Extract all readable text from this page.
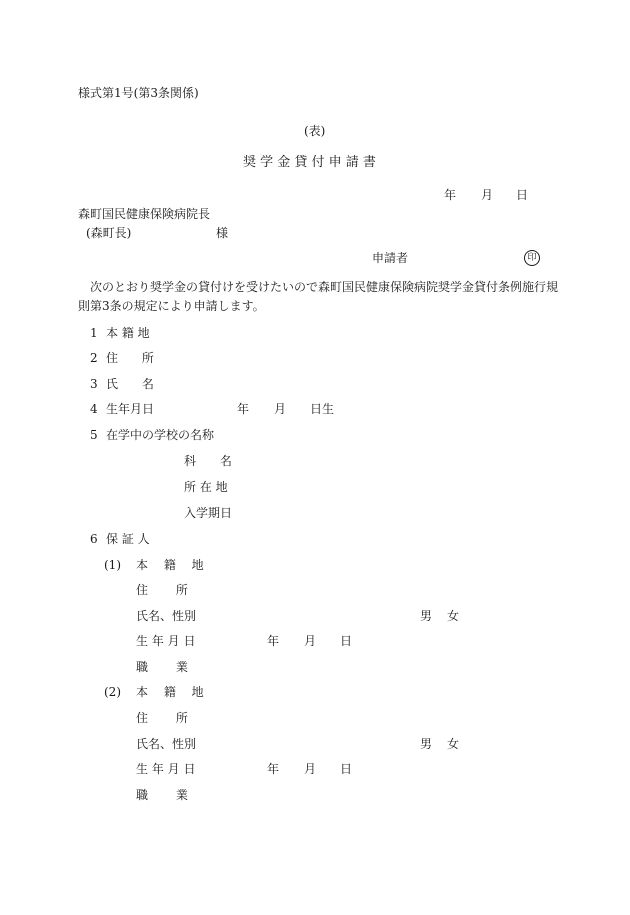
様式第1号(第3条関係)
(表)
奨 学 金 貸 付 申 請 書
年 月 日
森町国民健康保険病院長
(森町長)	様
申請者	印
次のとおり奨学金の貸付けを受けたいので森町国民健康保険病院奨学金貸付条例施行規
則第3条の規定により申請します。
1 本 籍 地
2 住 所
3 氏 名
4 生年月日	年 月 日生
5 在学中の学校の名称
科 名
所 在 地
入学期日
6 保 証 人
(1) 本 籍 地
住 所
氏名、性別	男 女
生 年 月 日	年 月 日
職 業
(2) 本 籍 地
住 所
氏名、性別	男 女
生 年 月 日	年 月 日
職 業
